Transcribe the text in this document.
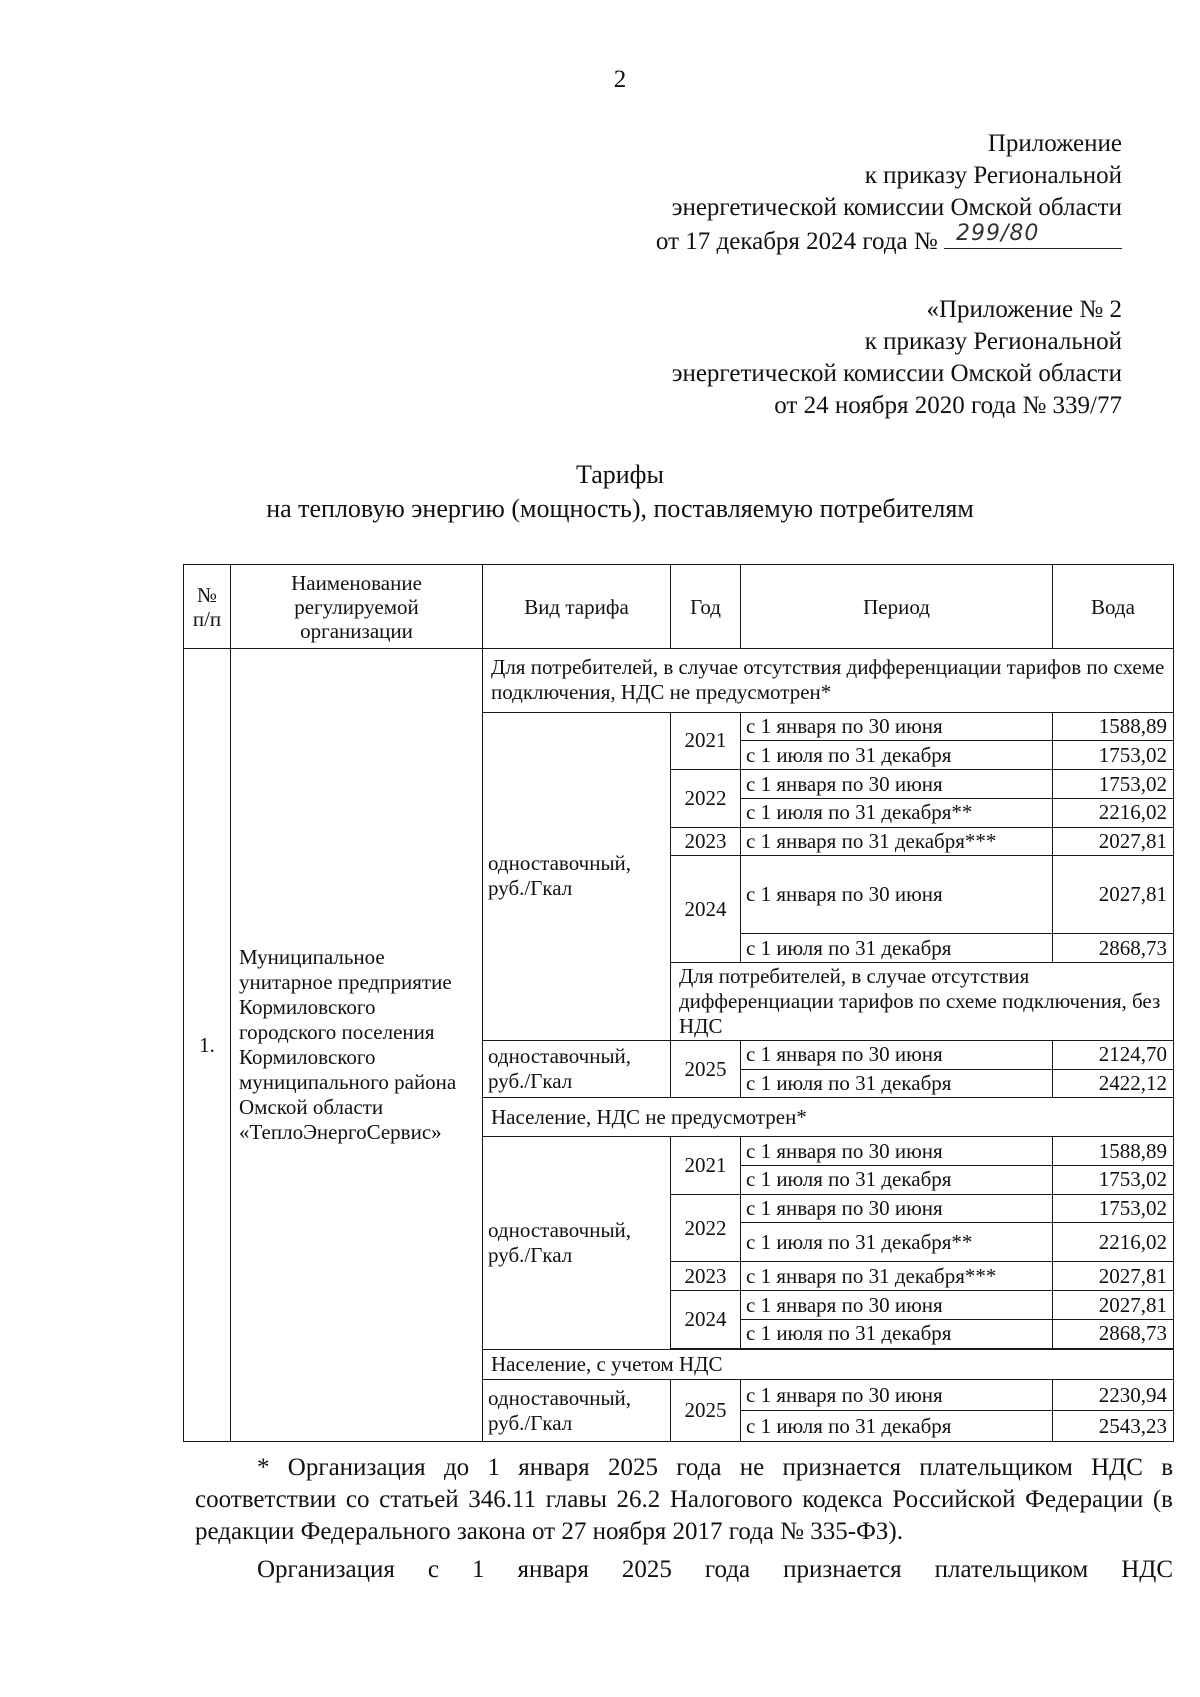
2
Приложение
к приказу Региональной
энергетической комиссии Омской области
от 17 декабря 2024 года № 299/80
«Приложение № 2
к приказу Региональной
энергетической комиссии Омской области
от 24 ноября 2020 года № 339/77
Тарифы
на тепловую энергию (мощность), поставляемую потребителям
№ п/п	Наименование регулируемой организации	Вид тарифа	Год	Период	Вода
1.	Муниципальное унитарное предприятие Кормиловского городского поселения Кормиловского муниципального района Омской области «ТеплоЭнергоСервис»	Для потребителей, в случае отсутствия дифференциации тарифов по схеме подключения, НДС не предусмотрен*			
		одноставочный, руб./Гкал	2021	с 1 января по 30 июня	1588,89
				с 1 июля по 31 декабря	1753,02
			2022	с 1 января по 30 июня	1753,02
				с 1 июля по 31 декабря**	2216,02
			2023	с 1 января по 31 декабря***	2027,81
			2024	с 1 января по 30 июня	2027,81
				с 1 июля по 31 декабря	2868,73
			Для потребителей, в случае отсутствия дифференциации тарифов по схеме подключения, без НДС		
		одноставочный, руб./Гкал	2025	с 1 января по 30 июня	2124,70
				с 1 июля по 31 декабря	2422,12
		Население, НДС не предусмотрен*			
		одноставочный, руб./Гкал	2021	с 1 января по 30 июня	1588,89
				с 1 июля по 31 декабря	1753,02
			2022	с 1 января по 30 июня	1753,02
				с 1 июля по 31 декабря**	2216,02
			2023	с 1 января по 31 декабря***	2027,81
			2024	с 1 января по 30 июня	2027,81
				с 1 июля по 31 декабря	2868,73

		Население, с учетом НДС			
		одноставочный, руб./Гкал	2025	с 1 января по 30 июня	2230,94
				с 1 июля по 31 декабря	2543,23

* Организация до 1 января 2025 года не признается плательщиком НДС в соответствии со статьей 346.11 главы 26.2 Налогового кодекса Российской Федерации (в редакции Федерального закона от 27 ноября 2017 года № 335-ФЗ).

Организация с 1 января 2025 года признается плательщиком НДС
